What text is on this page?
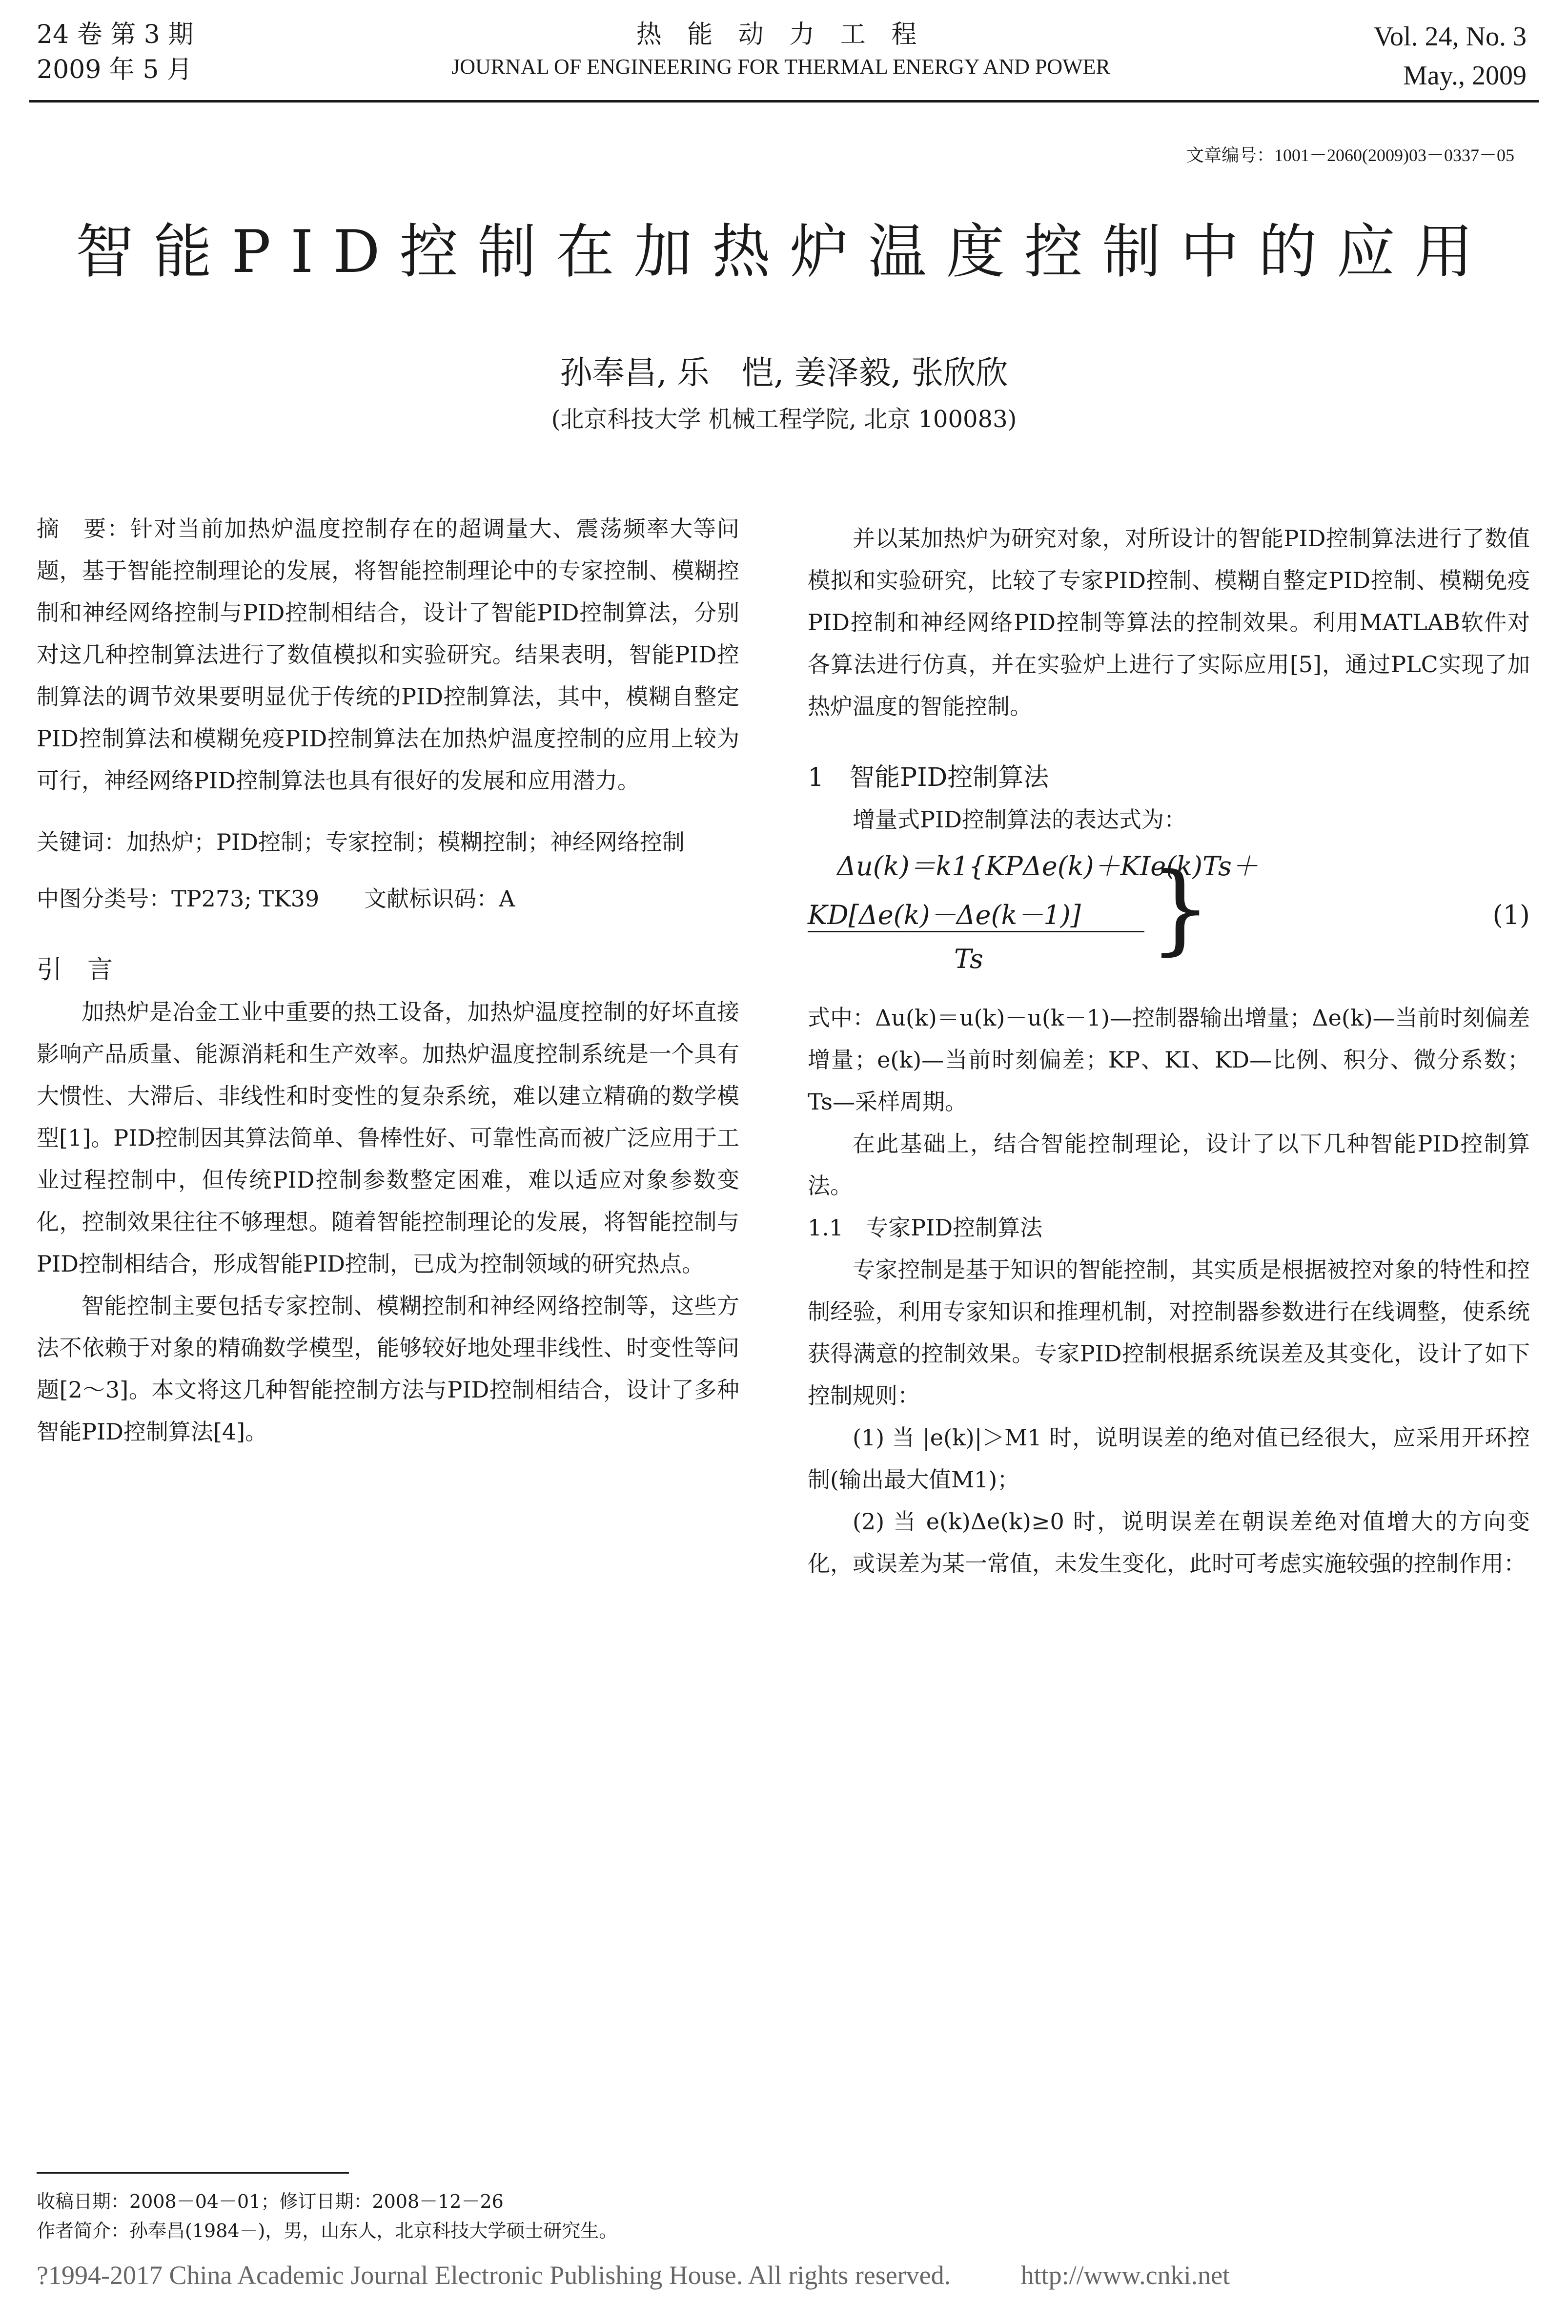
24 卷 第 3 期
2009 年 5 月
热 能 动 力 工 程
JOURNAL OF ENGINEERING FOR THERMAL ENERGY AND POWER
Vol. 24, No. 3
May., 2009
文章编号：1001－2060(2009)03－0337－05
智能PID控制在加热炉温度控制中的应用
孙奉昌, 乐　恺, 姜泽毅, 张欣欣
(北京科技大学 机械工程学院, 北京 100083)

摘　要：针对当前加热炉温度控制存在的超调量大、震荡频率大等问题，基于智能控制理论的发展，将智能控制理论中的专家控制、模糊控制和神经网络控制与PID控制相结合，设计了智能PID控制算法，分别对这几种控制算法进行了数值模拟和实验研究。结果表明，智能PID控制算法的调节效果要明显优于传统的PID控制算法，其中，模糊自整定PID控制算法和模糊免疫PID控制算法在加热炉温度控制的应用上较为可行，神经网络PID控制算法也具有很好的发展和应用潜力。

关键词：加热炉；PID控制；专家控制；模糊控制；神经网络控制

中图分类号：TP273; TK39　　文献标识码：A

引　言

加热炉是冶金工业中重要的热工设备，加热炉温度控制的好坏直接影响产品质量、能源消耗和生产效率。加热炉温度控制系统是一个具有大惯性、大滞后、非线性和时变性的复杂系统，难以建立精确的数学模型[1]。PID控制因其算法简单、鲁棒性好、可靠性高而被广泛应用于工业过程控制中，但传统PID控制参数整定困难，难以适应对象参数变化，控制效果往往不够理想。随着智能控制理论的发展，将智能控制与PID控制相结合，形成智能PID控制，已成为控制领域的研究热点。

智能控制主要包括专家控制、模糊控制和神经网络控制等，这些方法不依赖于对象的精确数学模型，能够较好地处理非线性、时变性等问题[2～3]。本文将这几种智能控制方法与PID控制相结合，设计了多种智能PID控制算法[4]。

并以某加热炉为研究对象，对所设计的智能PID控制算法进行了数值模拟和实验研究，比较了专家PID控制、模糊自整定PID控制、模糊免疫PID控制和神经网络PID控制等算法的控制效果。利用MATLAB软件对各算法进行仿真，并在实验炉上进行了实际应用[5]，通过PLC实现了加热炉温度的智能控制。

1　智能PID控制算法

增量式PID控制算法的表达式为：

Δu(k)＝k1{KPΔe(k)＋KIe(k)Ts＋
KD[Δe(k)－Δe(k－1)]
Ts }	(1)

式中：Δu(k)＝u(k)－u(k－1)—控制器输出增量；Δe(k)—当前时刻偏差增量；e(k)—当前时刻偏差；KP、KI、KD—比例、积分、微分系数；Ts—采样周期。

在此基础上，结合智能控制理论，设计了以下几种智能PID控制算法。

1.1　专家PID控制算法

专家控制是基于知识的智能控制，其实质是根据被控对象的特性和控制经验，利用专家知识和推理机制，对控制器参数进行在线调整，使系统获得满意的控制效果。专家PID控制根据系统误差及其变化，设计了如下控制规则：

(1) 当 |e(k)|＞M1 时，说明误差的绝对值已经很大，应采用开环控制(输出最大值M1)；

(2) 当 e(k)Δe(k)≥0 时，说明误差在朝误差绝对值增大的方向变化，或误差为某一常值，未发生变化，此时可考虑实施较强的控制作用：

收稿日期：2008－04－01；修订日期：2008－12－26
作者简介：孙奉昌(1984－)，男，山东人，北京科技大学硕士研究生。
?1994-2017 China Academic Journal Electronic Publishing House. All rights reserved.	http://www.cnki.net
